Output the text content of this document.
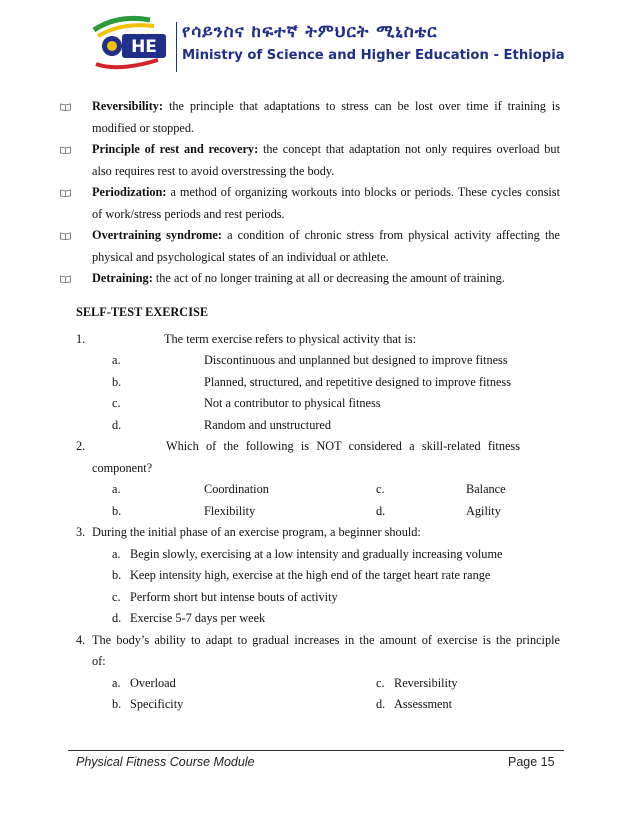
HE
የሳይንስና ከፍተኛ ትምህርት ሚኒስቴር
Ministry of Science and Higher Education - Ethiopia
Reversibility: the principle that adaptations to stress can be lost over time if training is modified or stopped.
Principle of rest and recovery: the concept that adaptation not only requires overload but also requires rest to avoid overstressing the body.
Periodization: a method of organizing workouts into blocks or periods. These cycles consist of work/stress periods and rest periods.
Overtraining syndrome: a condition of chronic stress from physical activity affecting the physical and psychological states of an individual or athlete.
Detraining: the act of no longer training at all or decreasing the amount of training.
SELF-TEST EXERCISE
1.	The term exercise refers to physical activity that is:
a.	Discontinuous and unplanned but designed to improve fitness
b.	Planned, structured, and repetitive designed to improve fitness
c.	Not a contributor to physical fitness
d.	Random and unstructured
2.	Which of the following is NOT considered a skill-related fitness
component?
a.	Coordination	c.	Balance
b.	Flexibility	d.	Agility
3. During the initial phase of an exercise program, a beginner should:
a. Begin slowly, exercising at a low intensity and gradually increasing volume
b. Keep intensity high, exercise at the high end of the target heart rate range
c. Perform short but intense bouts of activity
d. Exercise 5-7 days per week
4. The body’s ability to adapt to gradual increases in the amount of exercise is the principle
of:
a. Overload	c. Reversibility
b. Specificity	d. Assessment
Physical Fitness Course Module	Page 15
